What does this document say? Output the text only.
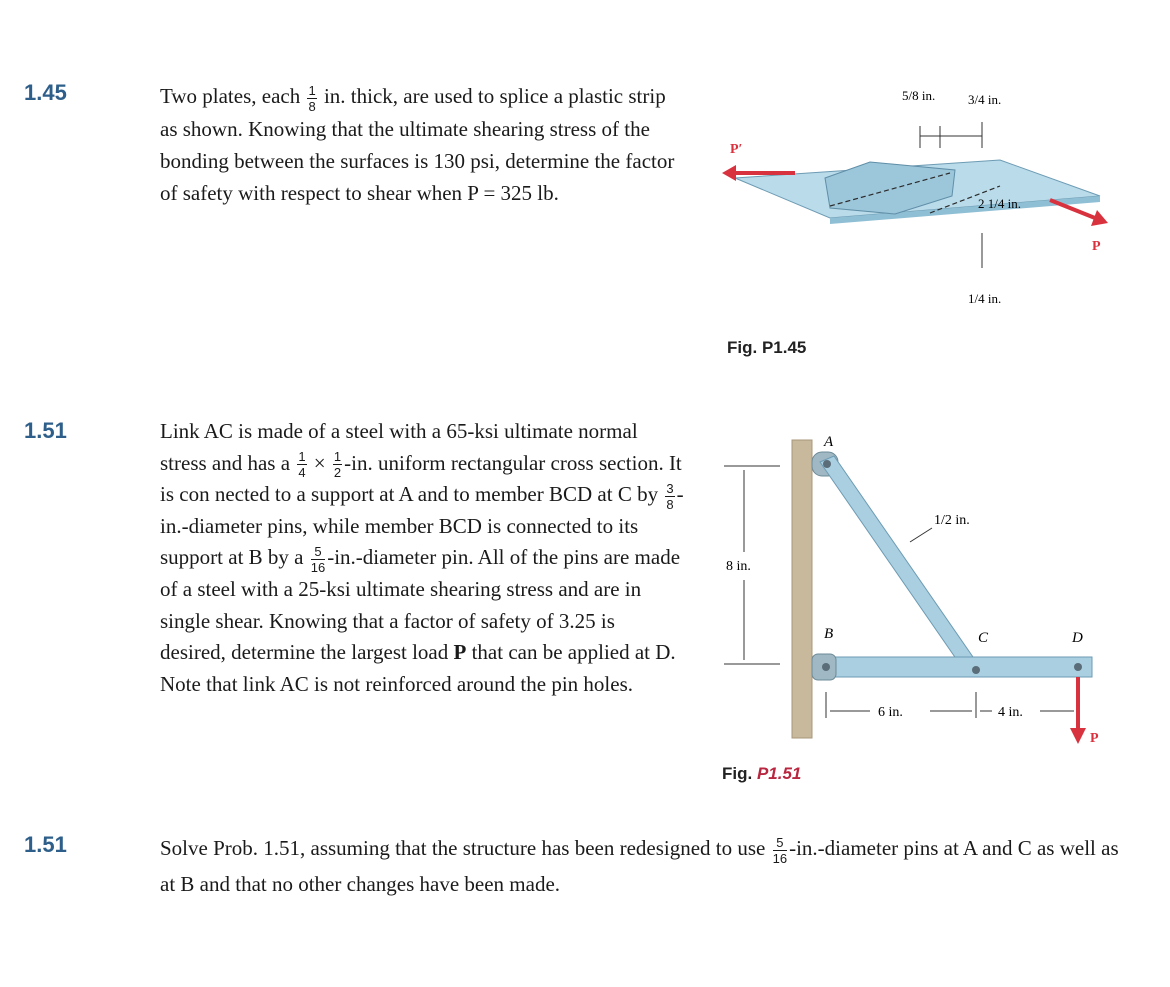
1.45	Two plates, each $\frac{1}{8}$ in. thick, are used to splice a plastic strip as shown. Knowing that the ultimate shearing stress of the bonding between the surfaces is 130 psi, determine the factor of safety with respect to shear when P = 325 lb.

P′
P
5/8 in.	3/4 in.
2 1/4 in.
1/4 in.
Fig. P1.45
1.51	Link AC is made of a steel with a 65-ksi ultimate normal stress and has a $\frac{1}{4} \times \frac{1}{2} -in$. uniform rectangular cross section. It is con nected to a support at A and to member BCD at C by $\frac{3}{8}$ -in.-diameter pins, while member BCD is connected to its support at B by a $\frac{5}{16}$ -in.-diameter pin. All of the pins are made of a steel with a 25-ksi ultimate shearing stress and are in single shear. Knowing that a factor of safety of 3.25 is desired, determine the largest load P that can be applied at D. Note that link AC is not reinforced around the pin holes.

A
B	C	D
8 in.
1/2 in.
6 in.	4 in.
P
Fig. P1.51
1.51	Solve Prob. 1.51, assuming that the structure has been redesigned to use $\frac{5}{16}$ -in.-diameter pins at A and C as well as at B and that no other changes have been made.
